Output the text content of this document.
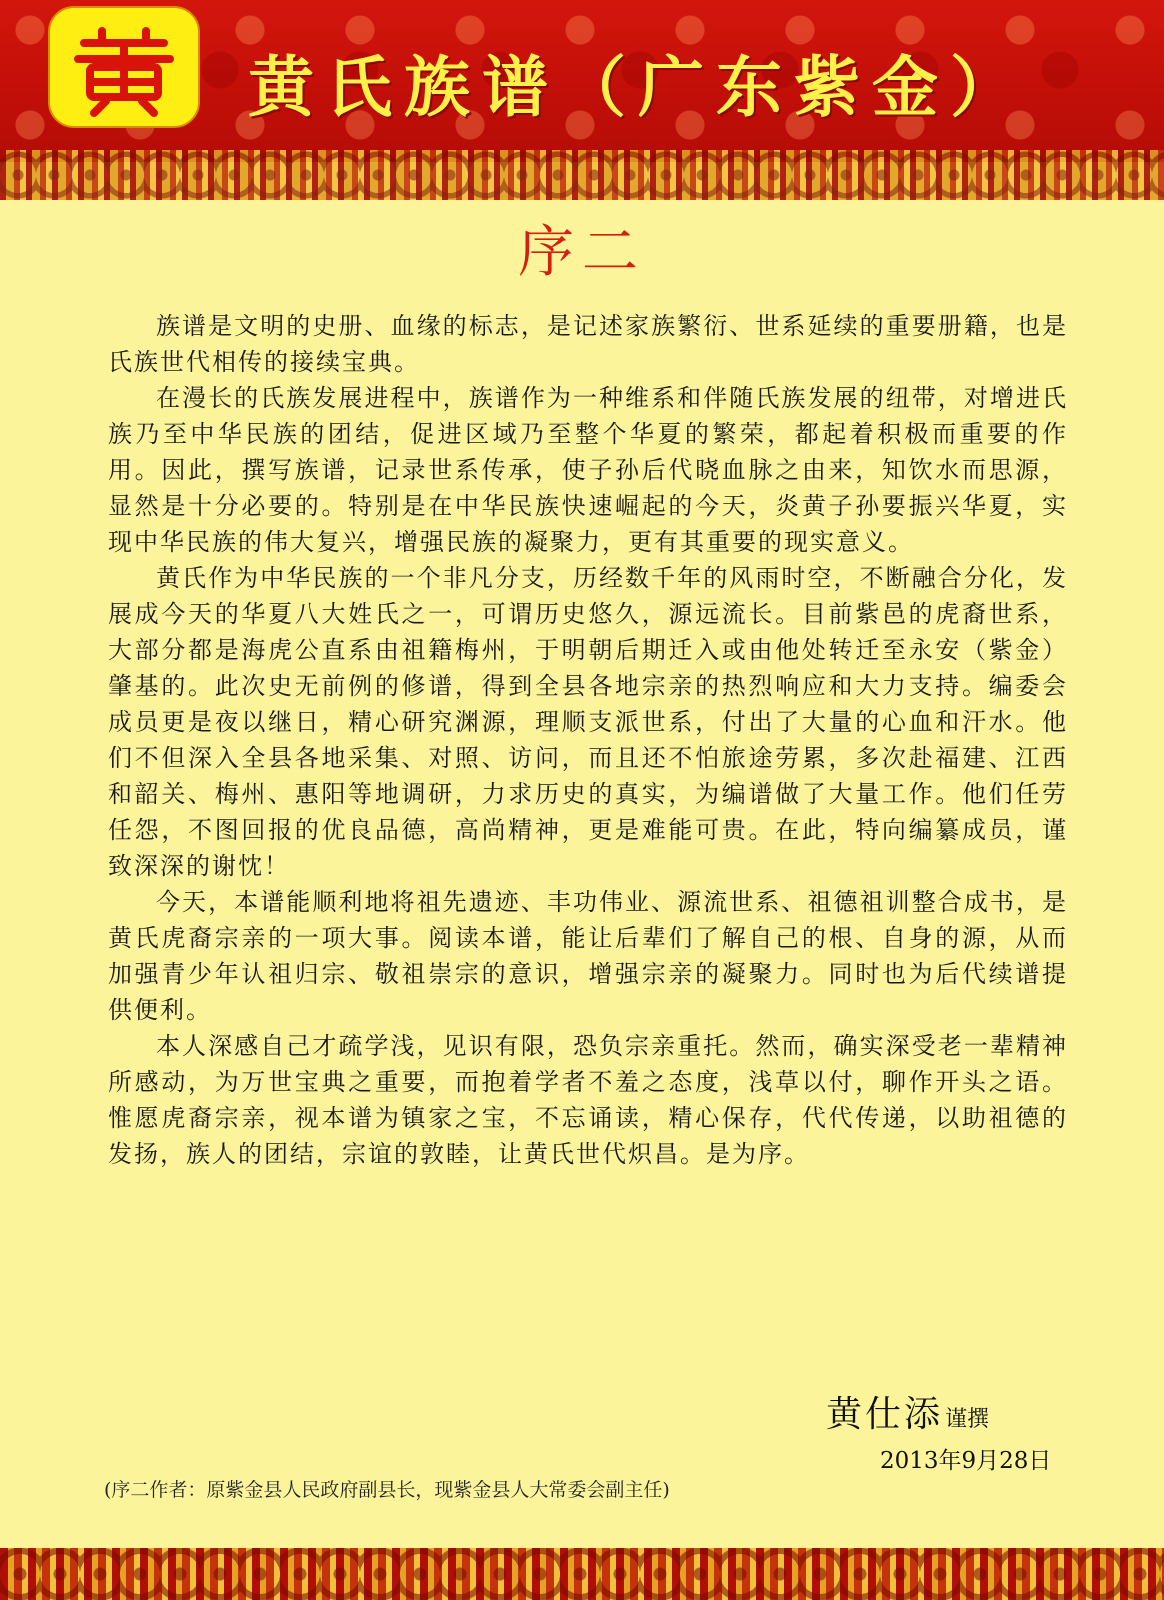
黄氏族谱（广东紫金）
序二

族谱是文明的史册、血缘的标志，是记述家族繁衍、世系延续的重要册籍，也是氏族世代相传的接续宝典。

在漫长的氏族发展进程中，族谱作为一种维系和伴随氏族发展的纽带，对增进氏族乃至中华民族的团结，促进区域乃至整个华夏的繁荣，都起着积极而重要的作用。因此，撰写族谱，记录世系传承，使子孙后代晓血脉之由来，知饮水而思源，显然是十分必要的。特别是在中华民族快速崛起的今天，炎黄子孙要振兴华夏，实现中华民族的伟大复兴，增强民族的凝聚力，更有其重要的现实意义。

黄氏作为中华民族的一个非凡分支，历经数千年的风雨时空，不断融合分化，发展成今天的华夏八大姓氏之一，可谓历史悠久，源远流长。目前紫邑的虎裔世系，大部分都是海虎公直系由祖籍梅州，于明朝后期迁入或由他处转迁至永安（紫金）肇基的。此次史无前例的修谱，得到全县各地宗亲的热烈响应和大力支持。编委会成员更是夜以继日，精心研究渊源，理顺支派世系，付出了大量的心血和汗水。他们不但深入全县各地采集、对照、访问，而且还不怕旅途劳累，多次赴福建、江西和韶关、梅州、惠阳等地调研，力求历史的真实，为编谱做了大量工作。他们任劳任怨，不图回报的优良品德，高尚精神，更是难能可贵。在此，特向编纂成员，谨致深深的谢忱！

今天，本谱能顺利地将祖先遗迹、丰功伟业、源流世系、祖德祖训整合成书，是黄氏虎裔宗亲的一项大事。阅读本谱，能让后辈们了解自己的根、自身的源，从而加强青少年认祖归宗、敬祖崇宗的意识，增强宗亲的凝聚力。同时也为后代续谱提供便利。

本人深感自己才疏学浅，见识有限，恐负宗亲重托。然而，确实深受老一辈精神所感动，为万世宝典之重要，而抱着学者不羞之态度，浅草以付，聊作开头之语。惟愿虎裔宗亲，视本谱为镇家之宝，不忘诵读，精心保存，代代传递，以助祖德的发扬，族人的团结，宗谊的敦睦，让黄氏世代炽昌。是为序。

黄仕添谨撰
2013年9月28日
(序二作者：原紫金县人民政府副县长，现紫金县人大常委会副主任)
